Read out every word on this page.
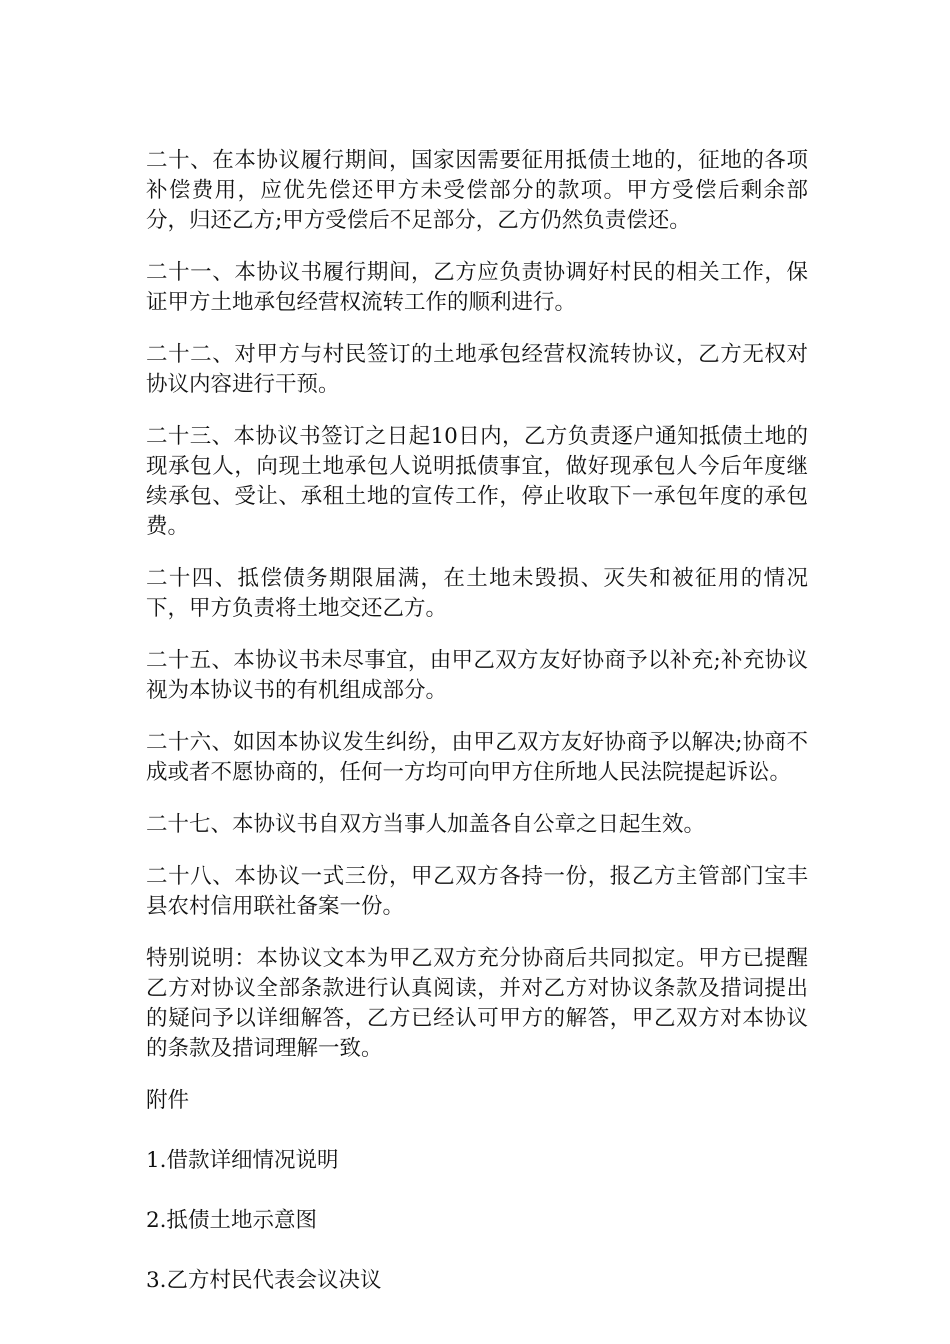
二十、在本协议履行期间，国家因需要征用抵债土地的，征地的各项补偿费用，应优先偿还甲方未受偿部分的款项。甲方受偿后剩余部分，归还乙方;甲方受偿后不足部分，乙方仍然负责偿还。

二十一、本协议书履行期间，乙方应负责协调好村民的相关工作，保证甲方土地承包经营权流转工作的顺利进行。

二十二、对甲方与村民签订的土地承包经营权流转协议，乙方无权对协议内容进行干预。

二十三、本协议书签订之日起10日内，乙方负责逐户通知抵债土地的现承包人，向现土地承包人说明抵债事宜，做好现承包人今后年度继续承包、受让、承租土地的宣传工作，停止收取下一承包年度的承包费。

二十四、抵偿债务期限届满，在土地未毁损、灭失和被征用的情况下，甲方负责将土地交还乙方。

二十五、本协议书未尽事宜，由甲乙双方友好协商予以补充;补充协议视为本协议书的有机组成部分。

二十六、如因本协议发生纠纷，由甲乙双方友好协商予以解决;协商不成或者不愿协商的，任何一方均可向甲方住所地人民法院提起诉讼。

二十七、本协议书自双方当事人加盖各自公章之日起生效。

二十八、本协议一式三份，甲乙双方各持一份，报乙方主管部门宝丰县农村信用联社备案一份。

特别说明：本协议文本为甲乙双方充分协商后共同拟定。甲方已提醒乙方对协议全部条款进行认真阅读，并对乙方对协议条款及措词提出的疑问予以详细解答，乙方已经认可甲方的解答，甲乙双方对本协议的条款及措词理解一致。

附件

1.借款详细情况说明

2.抵债土地示意图

3.乙方村民代表会议决议
